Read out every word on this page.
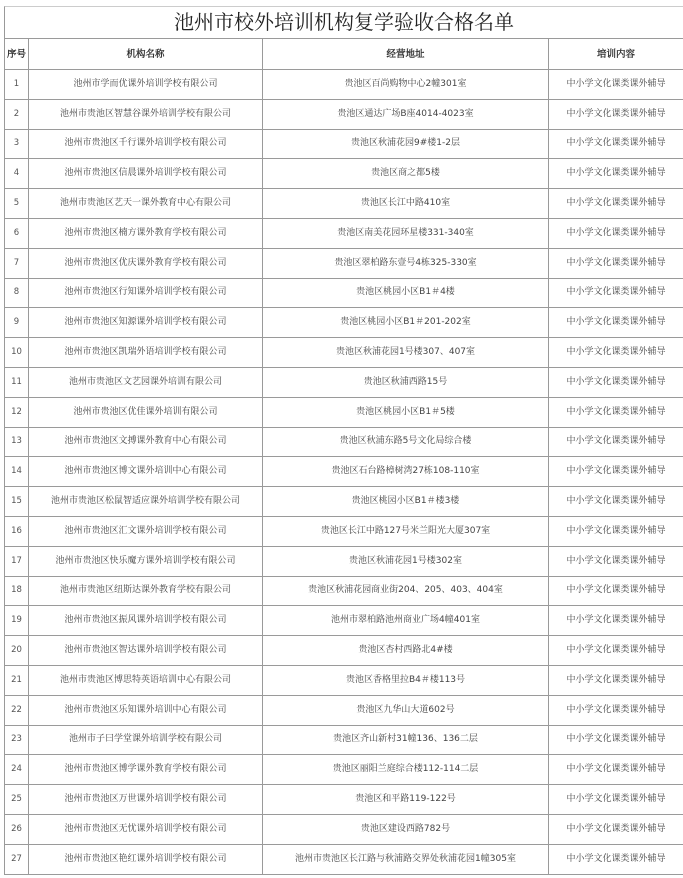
池州市校外培训机构复学验收合格名单
序号	机构名称	经营地址	培训内容
1	池州市学而优课外培训学校有限公司	贵池区百尚购物中心2幢301室	中小学文化课类课外辅导
2	池州市贵池区智慧谷课外培训学校有限公司	贵池区通达广场B座4014-4023室	中小学文化课类课外辅导
3	池州市贵池区千行课外培训学校有限公司	贵池区秋浦花园9#楼1-2层	中小学文化课类课外辅导
4	池州市贵池区信晨课外培训学校有限公司	贵池区商之都5楼	中小学文化课类课外辅导
5	池州市贵池区艺天一课外教育中心有限公司	贵池区长江中路410室	中小学文化课类课外辅导
6	池州市贵池区楠方课外教育学校有限公司	贵池区南美花园环星楼331-340室	中小学文化课类课外辅导
7	池州市贵池区优庆课外教育学校有限公司	贵池区翠柏路东壹号4栋325-330室	中小学文化课类课外辅导
8	池州市贵池区行知课外培训学校有限公司	贵池区桃园小区B1＃4楼	中小学文化课类课外辅导
9	池州市贵池区知源课外培训学校有限公司	贵池区桃园小区B1＃201-202室	中小学文化课类课外辅导
10	池州市贵池区凯瑞外语培训学校有限公司	贵池区秋浦花园1号楼307、407室	中小学文化课类课外辅导
11	池州市贵池区文艺园课外培训有限公司	贵池区秋浦西路15号	中小学文化课类课外辅导
12	池州市贵池区优佳课外培训有限公司	贵池区桃园小区B1＃5楼	中小学文化课类课外辅导
13	池州市贵池区文搏课外教育中心有限公司	贵池区秋浦东路5号文化局综合楼	中小学文化课类课外辅导
14	池州市贵池区博文课外培训中心有限公司	贵池区石台路樟树湾27栋108-110室	中小学文化课类课外辅导
15	池州市贵池区松鼠智适应课外培训学校有限公司	贵池区桃园小区B1＃楼3楼	中小学文化课类课外辅导
16	池州市贵池区汇文课外培训学校有限公司	贵池区长江中路127号米兰阳光大厦307室	中小学文化课类课外辅导
17	池州市贵池区快乐魔方课外培训学校有限公司	贵池区秋浦花园1号楼302室	中小学文化课类课外辅导
18	池州市贵池区纽斯达课外教育学校有限公司	贵池区秋浦花园商业街204、205、403、404室	中小学文化课类课外辅导
19	池州市贵池区振风课外培训学校有限公司	池州市翠柏路池州商业广场4幢401室	中小学文化课类课外辅导
20	池州市贵池区智达课外培训学校有限公司	贵池区杏村西路北4#楼	中小学文化课类课外辅导
21	池州市贵池区博思特英语培训中心有限公司	贵池区香格里拉B4＃楼113号	中小学文化课类课外辅导
22	池州市贵池区乐知课外培训中心有限公司	贵池区九华山大道602号	中小学文化课类课外辅导
23	池州市子曰学堂课外培训学校有限公司	贵池区齐山新村31幢136、136二层	中小学文化课类课外辅导
24	池州市贵池区博学课外教育学校有限公司	贵池区丽阳兰庭综合楼112-114二层	中小学文化课类课外辅导
25	池州市贵池区万世课外培训学校有限公司	贵池区和平路119-122号	中小学文化课类课外辅导
26	池州市贵池区无忧课外培训学校有限公司	贵池区建设西路782号	中小学文化课类课外辅导
27	池州市贵池区艳红课外培训学校有限公司	池州市贵池区长江路与秋浦路交界处秋浦花园1幢305室	中小学文化课类课外辅导
